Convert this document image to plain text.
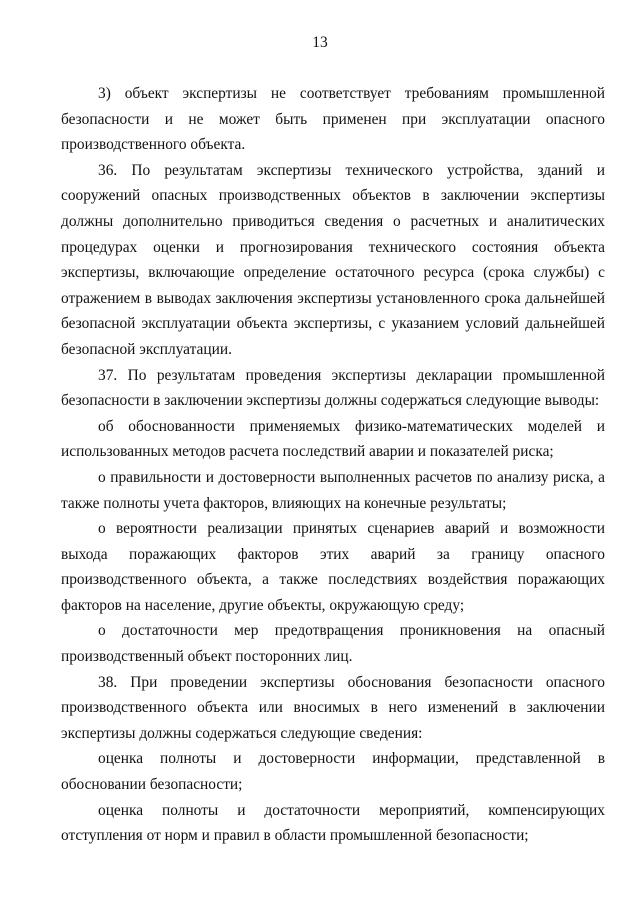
13

3) объект экспертизы не соответствует требованиям промышленной безопасности и не может быть применен при эксплуатации опасного производственного объекта.

36. По результатам экспертизы технического устройства, зданий и сооружений опасных производственных объектов в заключении экспертизы должны дополнительно приводиться сведения о расчетных и аналитических процедурах оценки и прогнозирования технического состояния объекта экспертизы, включающие определение остаточного ресурса (срока службы) с отражением в выводах заключения экспертизы установленного срока дальнейшей безопасной эксплуатации объекта экспертизы, с указанием условий дальнейшей безопасной эксплуатации.

37. По результатам проведения экспертизы декларации промышленной безопасности в заключении экспертизы должны содержаться следующие выводы:

об обоснованности применяемых физико-математических моделей и использованных методов расчета последствий аварии и показателей риска;

о правильности и достоверности выполненных расчетов по анализу риска, а также полноты учета факторов, влияющих на конечные результаты;

о вероятности реализации принятых сценариев аварий и возможности выхода поражающих факторов этих аварий за границу опасного производственного объекта, а также последствиях воздействия поражающих факторов на население, другие объекты, окружающую среду;

о достаточности мер предотвращения проникновения на опасный производственный объект посторонних лиц.

38. При проведении экспертизы обоснования безопасности опасного производственного объекта или вносимых в него изменений в заключении экспертизы должны содержаться следующие сведения:

оценка полноты и достоверности информации, представленной в обосновании безопасности;

оценка полноты и достаточности мероприятий, компенсирующих отступления от норм и правил в области промышленной безопасности;
